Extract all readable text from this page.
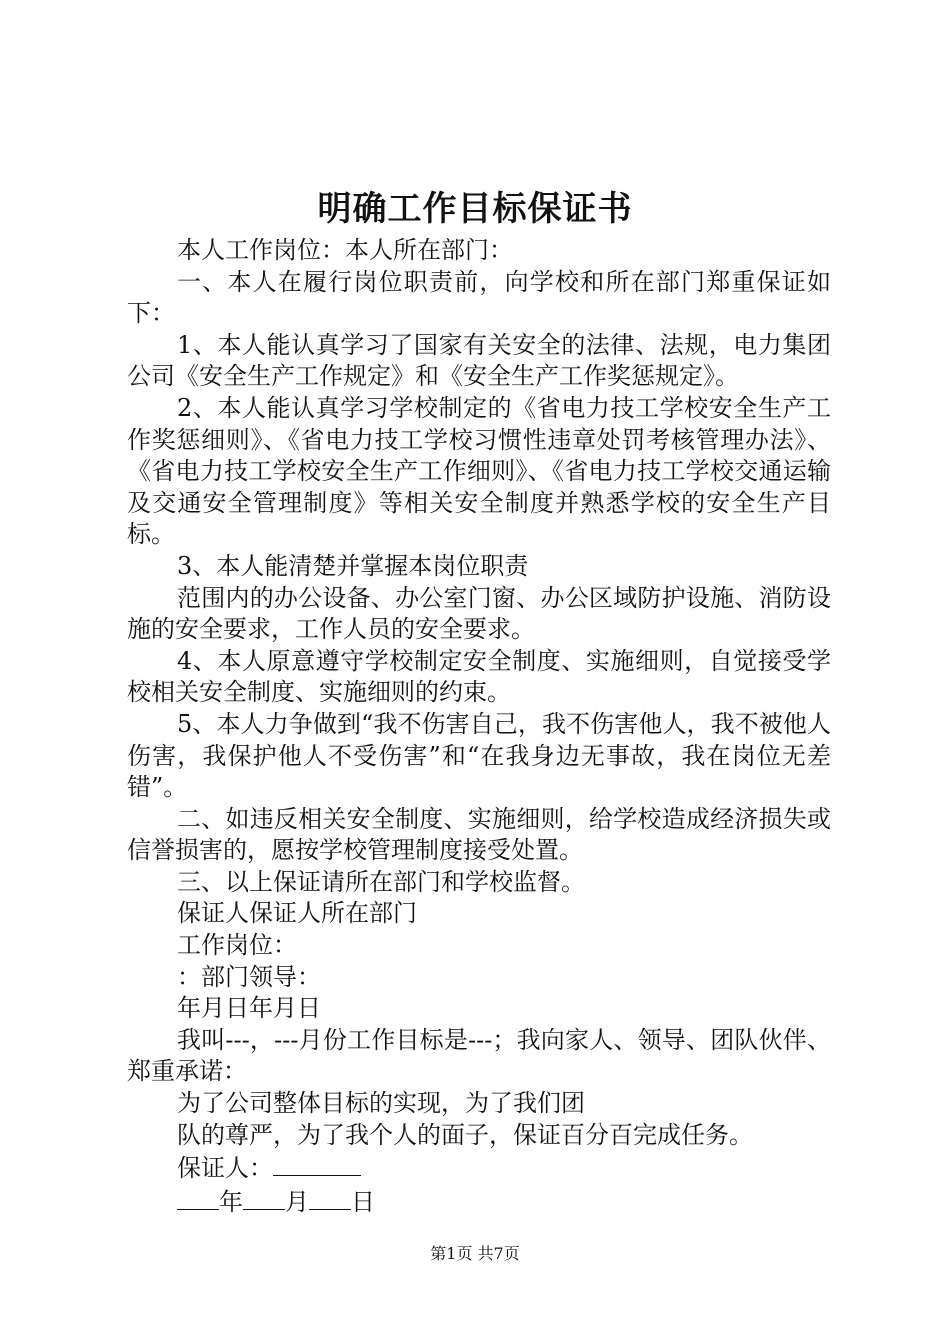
明确工作目标保证书

本人工作岗位：本人所在部门：

一、本人在履行岗位职责前，向学校和所在部门郑重保证如下：

1、本人能认真学习了国家有关安全的法律、法规，电力集团公司《安全生产工作规定》和《安全生产工作奖惩规定》。

2、本人能认真学习学校制定的《省电力技工学校安全生产工作奖惩细则》、《省电力技工学校习惯性违章处罚考核管理办法》、《省电力技工学校安全生产工作细则》、《省电力技工学校交通运输及交通安全管理制度》等相关安全制度并熟悉学校的安全生产目标。

3、本人能清楚并掌握本岗位职责

范围内的办公设备、办公室门窗、办公区域防护设施、消防设施的安全要求，工作人员的安全要求。

4、本人原意遵守学校制定安全制度、实施细则，自觉接受学校相关安全制度、实施细则的约束。

5、本人力争做到“我不伤害自己，我不伤害他人，我不被他人伤害，我保护他人不受伤害”和“在我身边无事故，我在岗位无差错”。

二、如违反相关安全制度、实施细则，给学校造成经济损失或信誉损害的，愿按学校管理制度接受处置。

三、以上保证请所在部门和学校监督。

保证人保证人所在部门

工作岗位：

：部门领导：

年月日年月日

我叫---，---月份工作目标是---；我向家人、领导、团队伙伴、郑重承诺：

为了公司整体目标的实现，为了我们团

队的尊严，为了我个人的面子，保证百分百完成任务。

保证人：

年 月 日

第1页 共7页
